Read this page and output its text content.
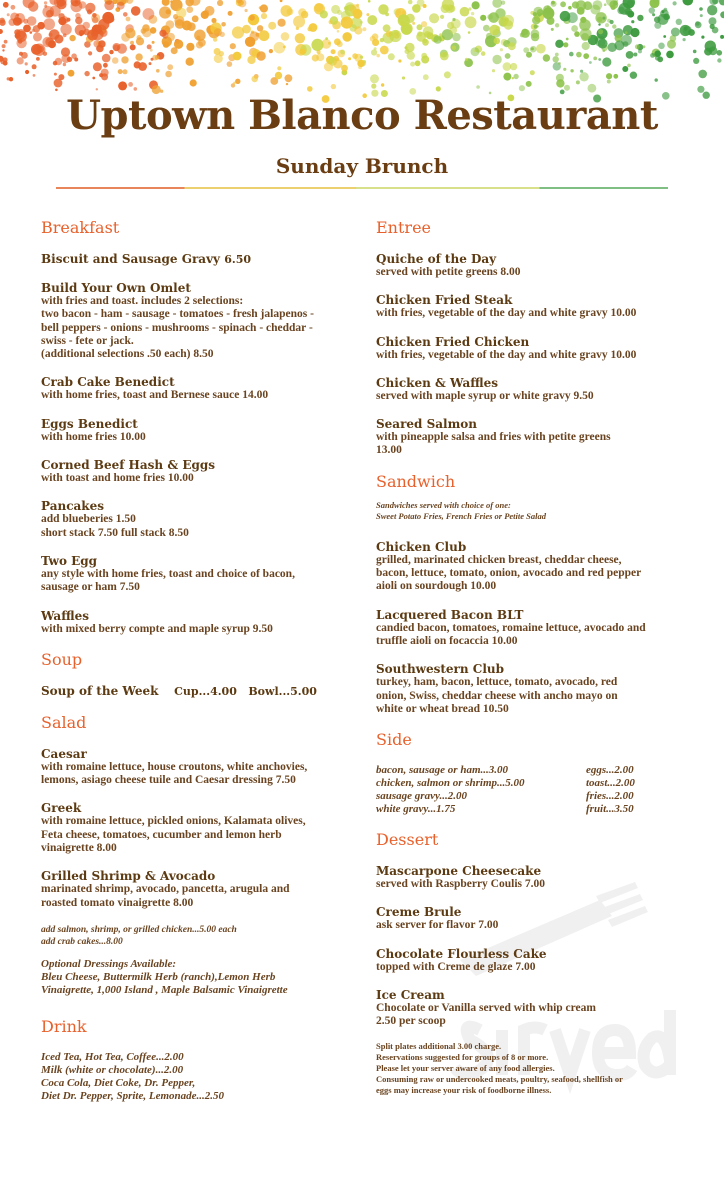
Uptown Blanco Restaurant
Sunday Brunch
Breakfast
Biscuit and Sausage Gravy 6.50
Build Your Own Omlet
with fries and toast. includes 2 selections:
two bacon - ham - sausage - tomatoes - fresh jalapenos -
bell peppers - onions - mushrooms - spinach - cheddar -
swiss - fete or jack.
(additional selections .50 each) 8.50
Crab Cake Benedict
with home fries, toast and Bernese sauce 14.00
Eggs Benedict
with home fries 10.00
Corned Beef Hash & Eggs
with toast and home fries 10.00
Pancakes
add blueberies 1.50
short stack 7.50 full stack 8.50
Two Egg
any style with home fries, toast and choice of bacon,
sausage or ham 7.50
Waffles
with mixed berry compte and maple syrup 9.50
Soup
Soup of the Week    Cup...4.00   Bowl...5.00
Salad
Caesar
with romaine lettuce, house croutons, white anchovies,
lemons, asiago cheese tuile and Caesar dressing 7.50
Greek
with romaine lettuce, pickled onions, Kalamata olives,
Feta cheese, tomatoes, cucumber and lemon herb
vinaigrette 8.00
Grilled Shrimp & Avocado
marinated shrimp, avocado, pancetta, arugula and
roasted tomato vinaigrette 8.00
add salmon, shrimp, or grilled chicken...5.00 each
add crab cakes...8.00
Optional Dressings Available:
Bleu Cheese, Buttermilk Herb (ranch),Lemon Herb
Vinaigrette, 1,000 Island , Maple Balsamic Vinaigrette
Drink
Iced Tea, Hot Tea, Coffee...2.00
Milk (white or chocolate)...2.00
Coca Cola, Diet Coke, Dr. Pepper,
Diet Dr. Pepper, Sprite, Lemonade...2.50
Entree
Quiche of the Day
served with petite greens 8.00
Chicken Fried Steak
with fries, vegetable of the day and white gravy 10.00
Chicken Fried Chicken
with fries, vegetable of the day and white gravy 10.00
Chicken & Waffles
served with maple syrup or white gravy 9.50
Seared Salmon
with pineapple salsa and fries with petite greens
13.00
Sandwich
Sandwiches served with choice of one:
Sweet Potato Fries, French Fries or Petite Salad
Chicken Club
grilled, marinated chicken breast, cheddar cheese,
bacon, lettuce, tomato, onion, avocado and red pepper
aioli on sourdough 10.00
Lacquered Bacon BLT
candied bacon, tomatoes, romaine lettuce, avocado and
truffle aioli on focaccia 10.00
Southwestern Club
turkey, ham, bacon, lettuce, tomato, avocado, red
onion, Swiss, cheddar cheese with ancho mayo on
white or wheat bread 10.50
Side
bacon, sausage or ham...3.00	eggs...2.00
chicken, salmon or shrimp...5.00	toast...2.00
sausage gravy...2.00	fries...2.00
white gravy...1.75	fruit...3.50
Dessert
Mascarpone Cheesecake
served with Raspberry Coulis 7.00
Creme Brule
ask server for flavor 7.00
Chocolate Flourless Cake
topped with Creme de glaze 7.00
Ice Cream
Chocolate or Vanilla served with whip cream
2.50 per scoop
Split plates additional 3.00 charge.
Reservations suggested for groups of 8 or more.
Please let your server aware of any food allergies.
Consuming raw or undercooked meats, poultry, seafood, shellfish or
eggs may increase your risk of foodborne illness.
